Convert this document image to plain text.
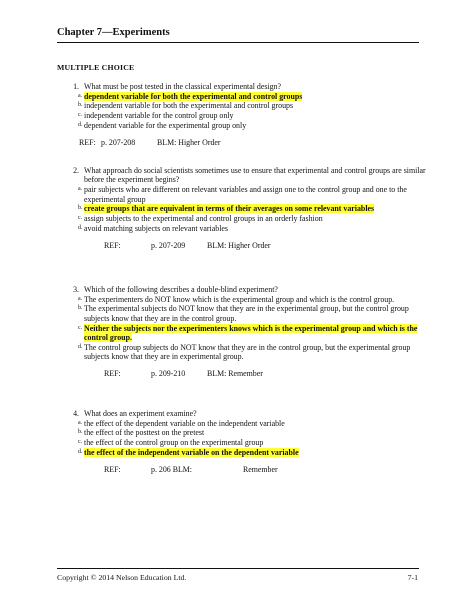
Chapter 7—Experiments
MULTIPLE CHOICE
1. What must be post tested in the classical experimental design?
a. dependent variable for both the experimental and control groups
b. independent variable for both the experimental and control groups
c. independent variable for the control group only
d. dependent variable for the experimental group only
REF: p. 207-208	BLM: Higher Order
2. What approach do social scientists sometimes use to ensure that experimental and control groups are similar before the experiment begins?
a. pair subjects who are different on relevant variables and assign one to the control group and one to the experimental group
b. create groups that are equivalent in terms of their averages on some relevant variables
c. assign subjects to the experimental and control groups in an orderly fashion
d. avoid matching subjects on relevant variables
REF:	p. 207-209	BLM: Higher Order
3. Which of the following describes a double-blind experiment?
a. The experimenters do NOT know which is the experimental group and which is the control group.
b. The experimental subjects do NOT know that they are in the experimental group, but the control group subjects know that they are in the control group.
c. Neither the subjects nor the experimenters knows which is the experimental group and which is the control group.
d. The control group subjects do NOT know that they are in the control group, but the experimental group subjects know that they are in experimental group.
REF:	p. 209-210	BLM: Remember
4. What does an experiment examine?
a. the effect of the dependent variable on the independent variable
b. the effect of the posttest on the pretest
c. the effect of the control group on the experimental group
d. the effect of the independent variable on the dependent variable
REF:	p. 206 BLM:	Remember
Copyright © 2014 Nelson Education Ltd.	7-1
